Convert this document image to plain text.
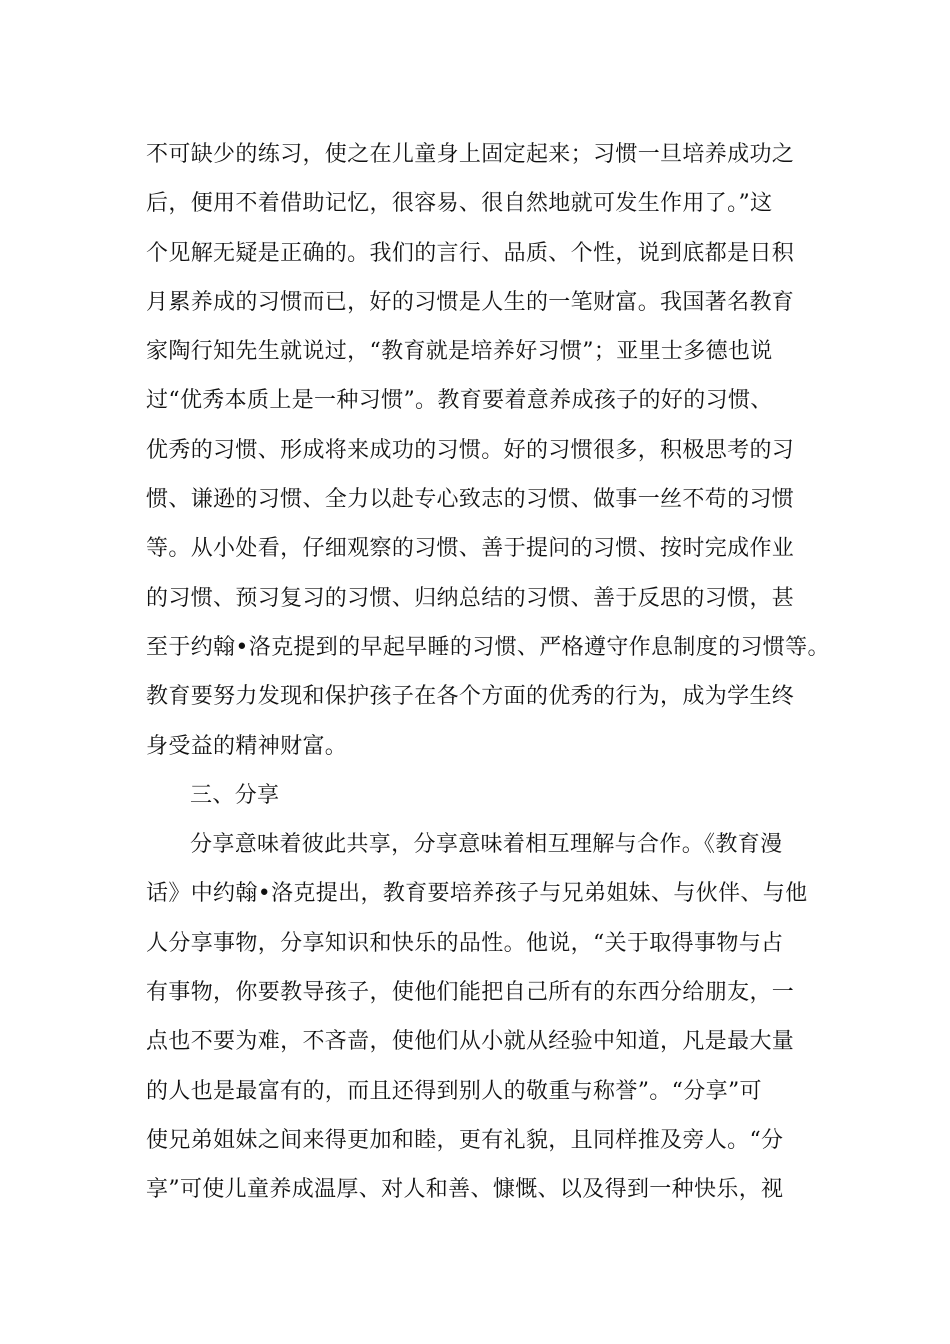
不可缺少的练习，使之在儿童身上固定起来；习惯一旦培养成功之
后，便用不着借助记忆，很容易、很自然地就可发生作用了。”这
个见解无疑是正确的。我们的言行、品质、个性，说到底都是日积
月累养成的习惯而已，好的习惯是人生的一笔财富。我国著名教育
家陶行知先生就说过，“教育就是培养好习惯”；亚里士多德也说
过“优秀本质上是一种习惯”。教育要着意养成孩子的好的习惯、
优秀的习惯、形成将来成功的习惯。好的习惯很多，积极思考的习
惯、谦逊的习惯、全力以赴专心致志的习惯、做事一丝不苟的习惯
等。从小处看，仔细观察的习惯、善于提问的习惯、按时完成作业
的习惯、预习复习的习惯、归纳总结的习惯、善于反思的习惯，甚
至于约翰•洛克提到的早起早睡的习惯、严格遵守作息制度的习惯等。
教育要努力发现和保护孩子在各个方面的优秀的行为，成为学生终
身受益的精神财富。
三、分享
分享意味着彼此共享，分享意味着相互理解与合作。《教育漫
话》中约翰•洛克提出，教育要培养孩子与兄弟姐妹、与伙伴、与他
人分享事物，分享知识和快乐的品性。他说，“关于取得事物与占
有事物，你要教导孩子，使他们能把自己所有的东西分给朋友，一
点也不要为难，不吝啬，使他们从小就从经验中知道，凡是最大量
的人也是最富有的，而且还得到别人的敬重与称誉”。“分享”可
使兄弟姐妹之间来得更加和睦，更有礼貌，且同样推及旁人。“分
享”可使儿童养成温厚、对人和善、慷慨、以及得到一种快乐，视
